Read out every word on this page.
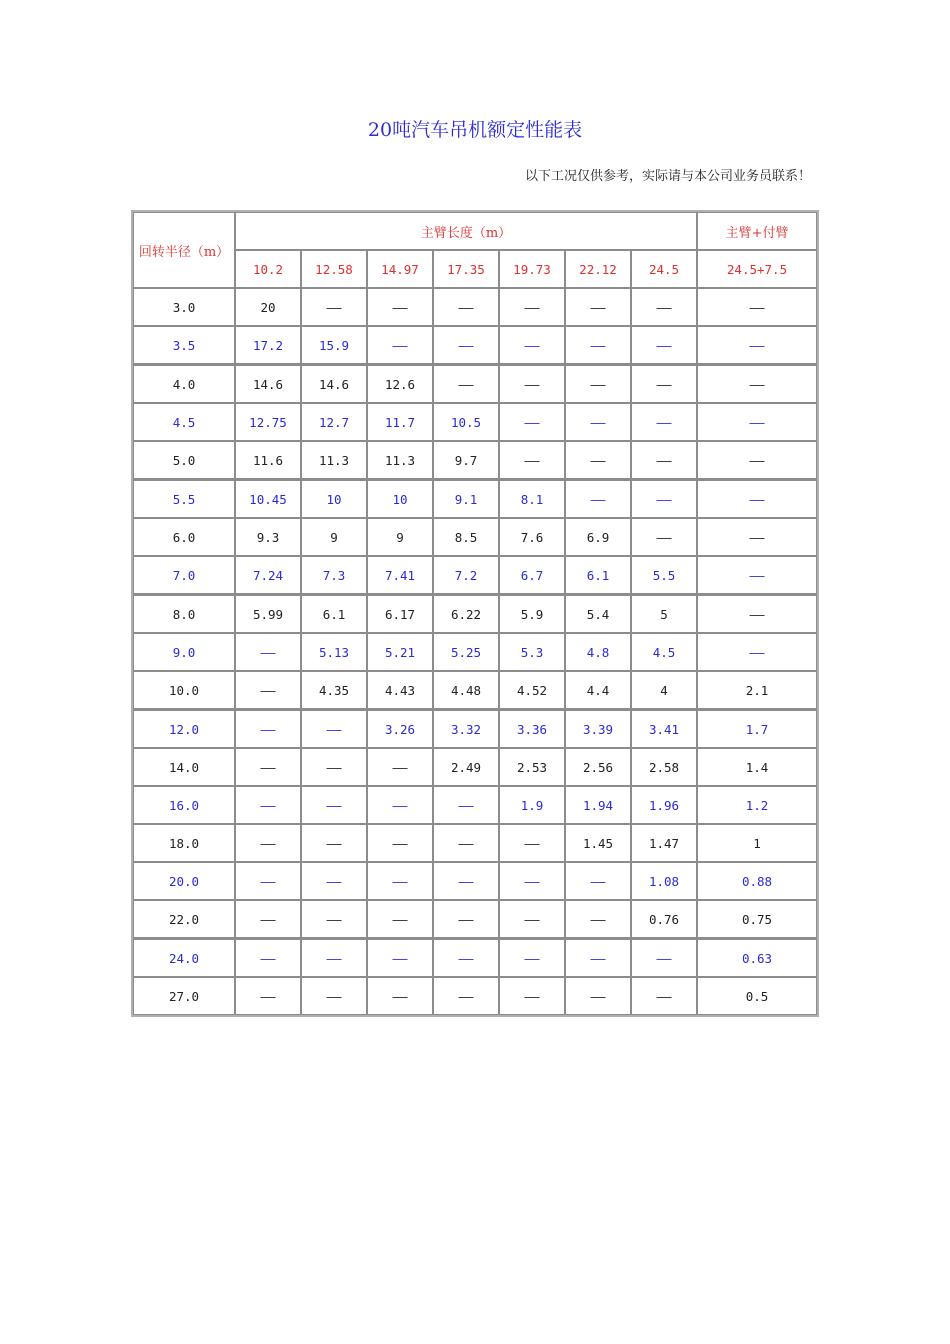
20吨汽车吊机额定性能表
以下工况仅供参考，实际请与本公司业务员联系！
回转半径（m）	主臂长度（m）							主臂+付臂
	10.2	12.58	14.97	17.35	19.73	22.12	24.5	24.5+7.5
3.0	20	——	——	——	——	——	——	——
3.5	17.2	15.9	——	——	——	——	——	——
4.0	14.6	14.6	12.6	——	——	——	——	——
4.5	12.75	12.7	11.7	10.5	——	——	——	——
5.0	11.6	11.3	11.3	9.7	——	——	——	——
5.5	10.45	10	10	9.1	8.1	——	——	——
6.0	9.3	9	9	8.5	7.6	6.9	——	——
7.0	7.24	7.3	7.41	7.2	6.7	6.1	5.5	——
8.0	5.99	6.1	6.17	6.22	5.9	5.4	5	——
9.0	——	5.13	5.21	5.25	5.3	4.8	4.5	——
10.0	——	4.35	4.43	4.48	4.52	4.4	4	2.1
12.0	——	——	3.26	3.32	3.36	3.39	3.41	1.7
14.0	——	——	——	2.49	2.53	2.56	2.58	1.4
16.0	——	——	——	——	1.9	1.94	1.96	1.2
18.0	——	——	——	——	——	1.45	1.47	1
20.0	——	——	——	——	——	——	1.08	0.88
22.0	——	——	——	——	——	——	0.76	0.75
24.0	——	——	——	——	——	——	——	0.63
27.0	——	——	——	——	——	——	——	0.5
